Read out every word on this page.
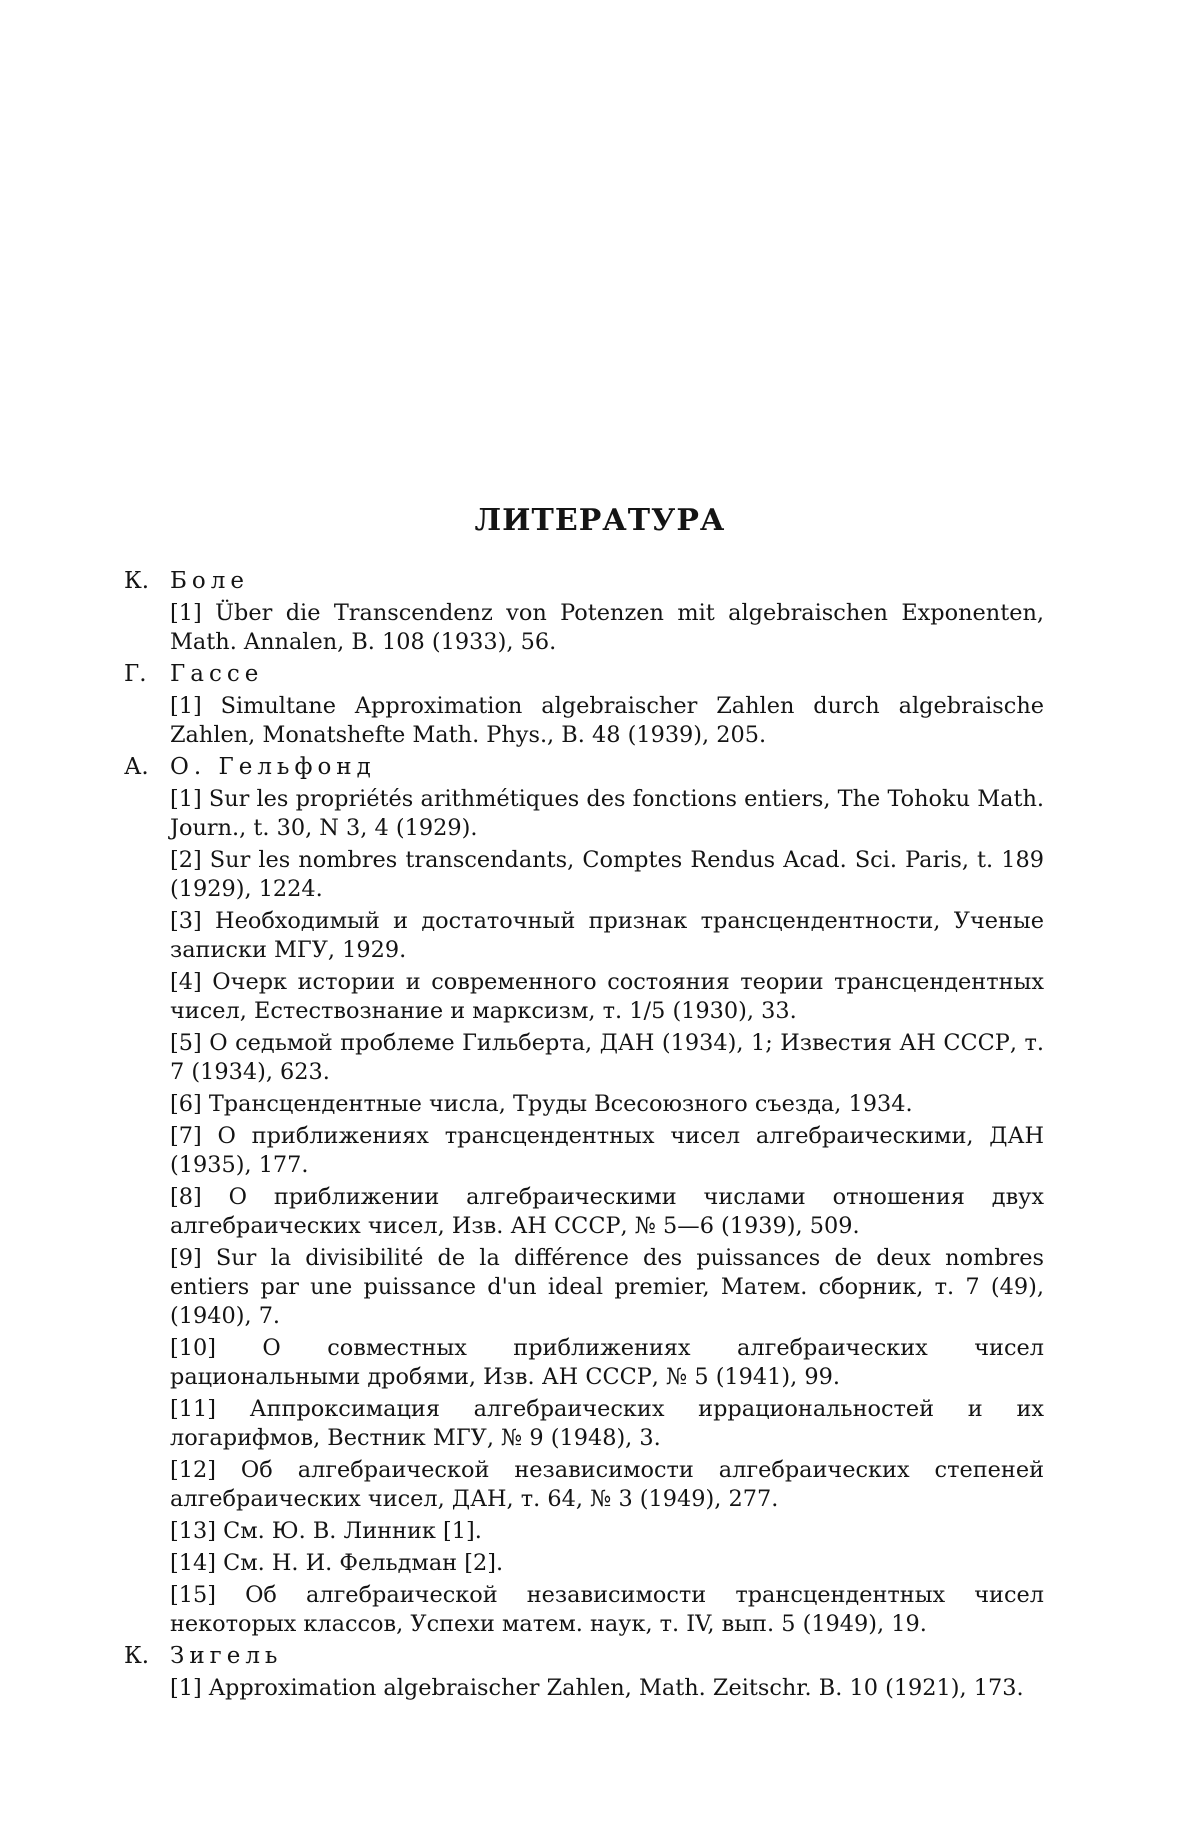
ЛИТЕРАТУРА
К. Боле
[1] Über die Transcendenz von Potenzen mit algebraischen Exponenten, Math. Annalen, B. 108 (1933), 56.
Г. Гассе
[1] Simultane Approximation algebraischer Zahlen durch algebraische Zahlen, Monatshefte Math. Phys., B. 48 (1939), 205.
А. О. Гельфонд
[1] Sur les propriétés arithmétiques des fonctions entiers, The Tohoku Math. Journ., t. 30, N 3, 4 (1929).
[2] Sur les nombres transcendants, Comptes Rendus Acad. Sci. Paris, t. 189 (1929), 1224.
[3] Необходимый и достаточный признак трансцендентности, Ученые записки МГУ, 1929.
[4] Очерк истории и современного состояния теории трансцендентных чисел, Естествознание и марксизм, т. 1/5 (1930), 33.
[5] О седьмой проблеме Гильберта, ДАН (1934), 1; Известия АН СССР, т. 7 (1934), 623.
[6] Трансцендентные числа, Труды Всесоюзного съезда, 1934.
[7] О приближениях трансцендентных чисел алгебраическими, ДАН (1935), 177.
[8] О приближении алгебраическими числами отношения двух алгебраических чисел, Изв. АН СССР, № 5—6 (1939), 509.
[9] Sur la divisibilité de la différence des puissances de deux nombres entiers par une puissance d'un ideal premier, Матем. сборник, т. 7 (49), (1940), 7.
[10] О совместных приближениях алгебраических чисел рациональными дробями, Изв. АН СССР, № 5 (1941), 99.
[11] Аппроксимация алгебраических иррациональностей и их логарифмов, Вестник МГУ, № 9 (1948), 3.
[12] Об алгебраической независимости алгебраических степеней алгебраических чисел, ДАН, т. 64, № 3 (1949), 277.
[13] См. Ю. В. Линник [1].
[14] См. Н. И. Фельдман [2].
[15] Об алгебраической независимости трансцендентных чисел некоторых классов, Успехи матем. наук, т. IV, вып. 5 (1949), 19.
К. Зигель
[1] Approximation algebraischer Zahlen, Math. Zeitschr. B. 10 (1921), 173.
